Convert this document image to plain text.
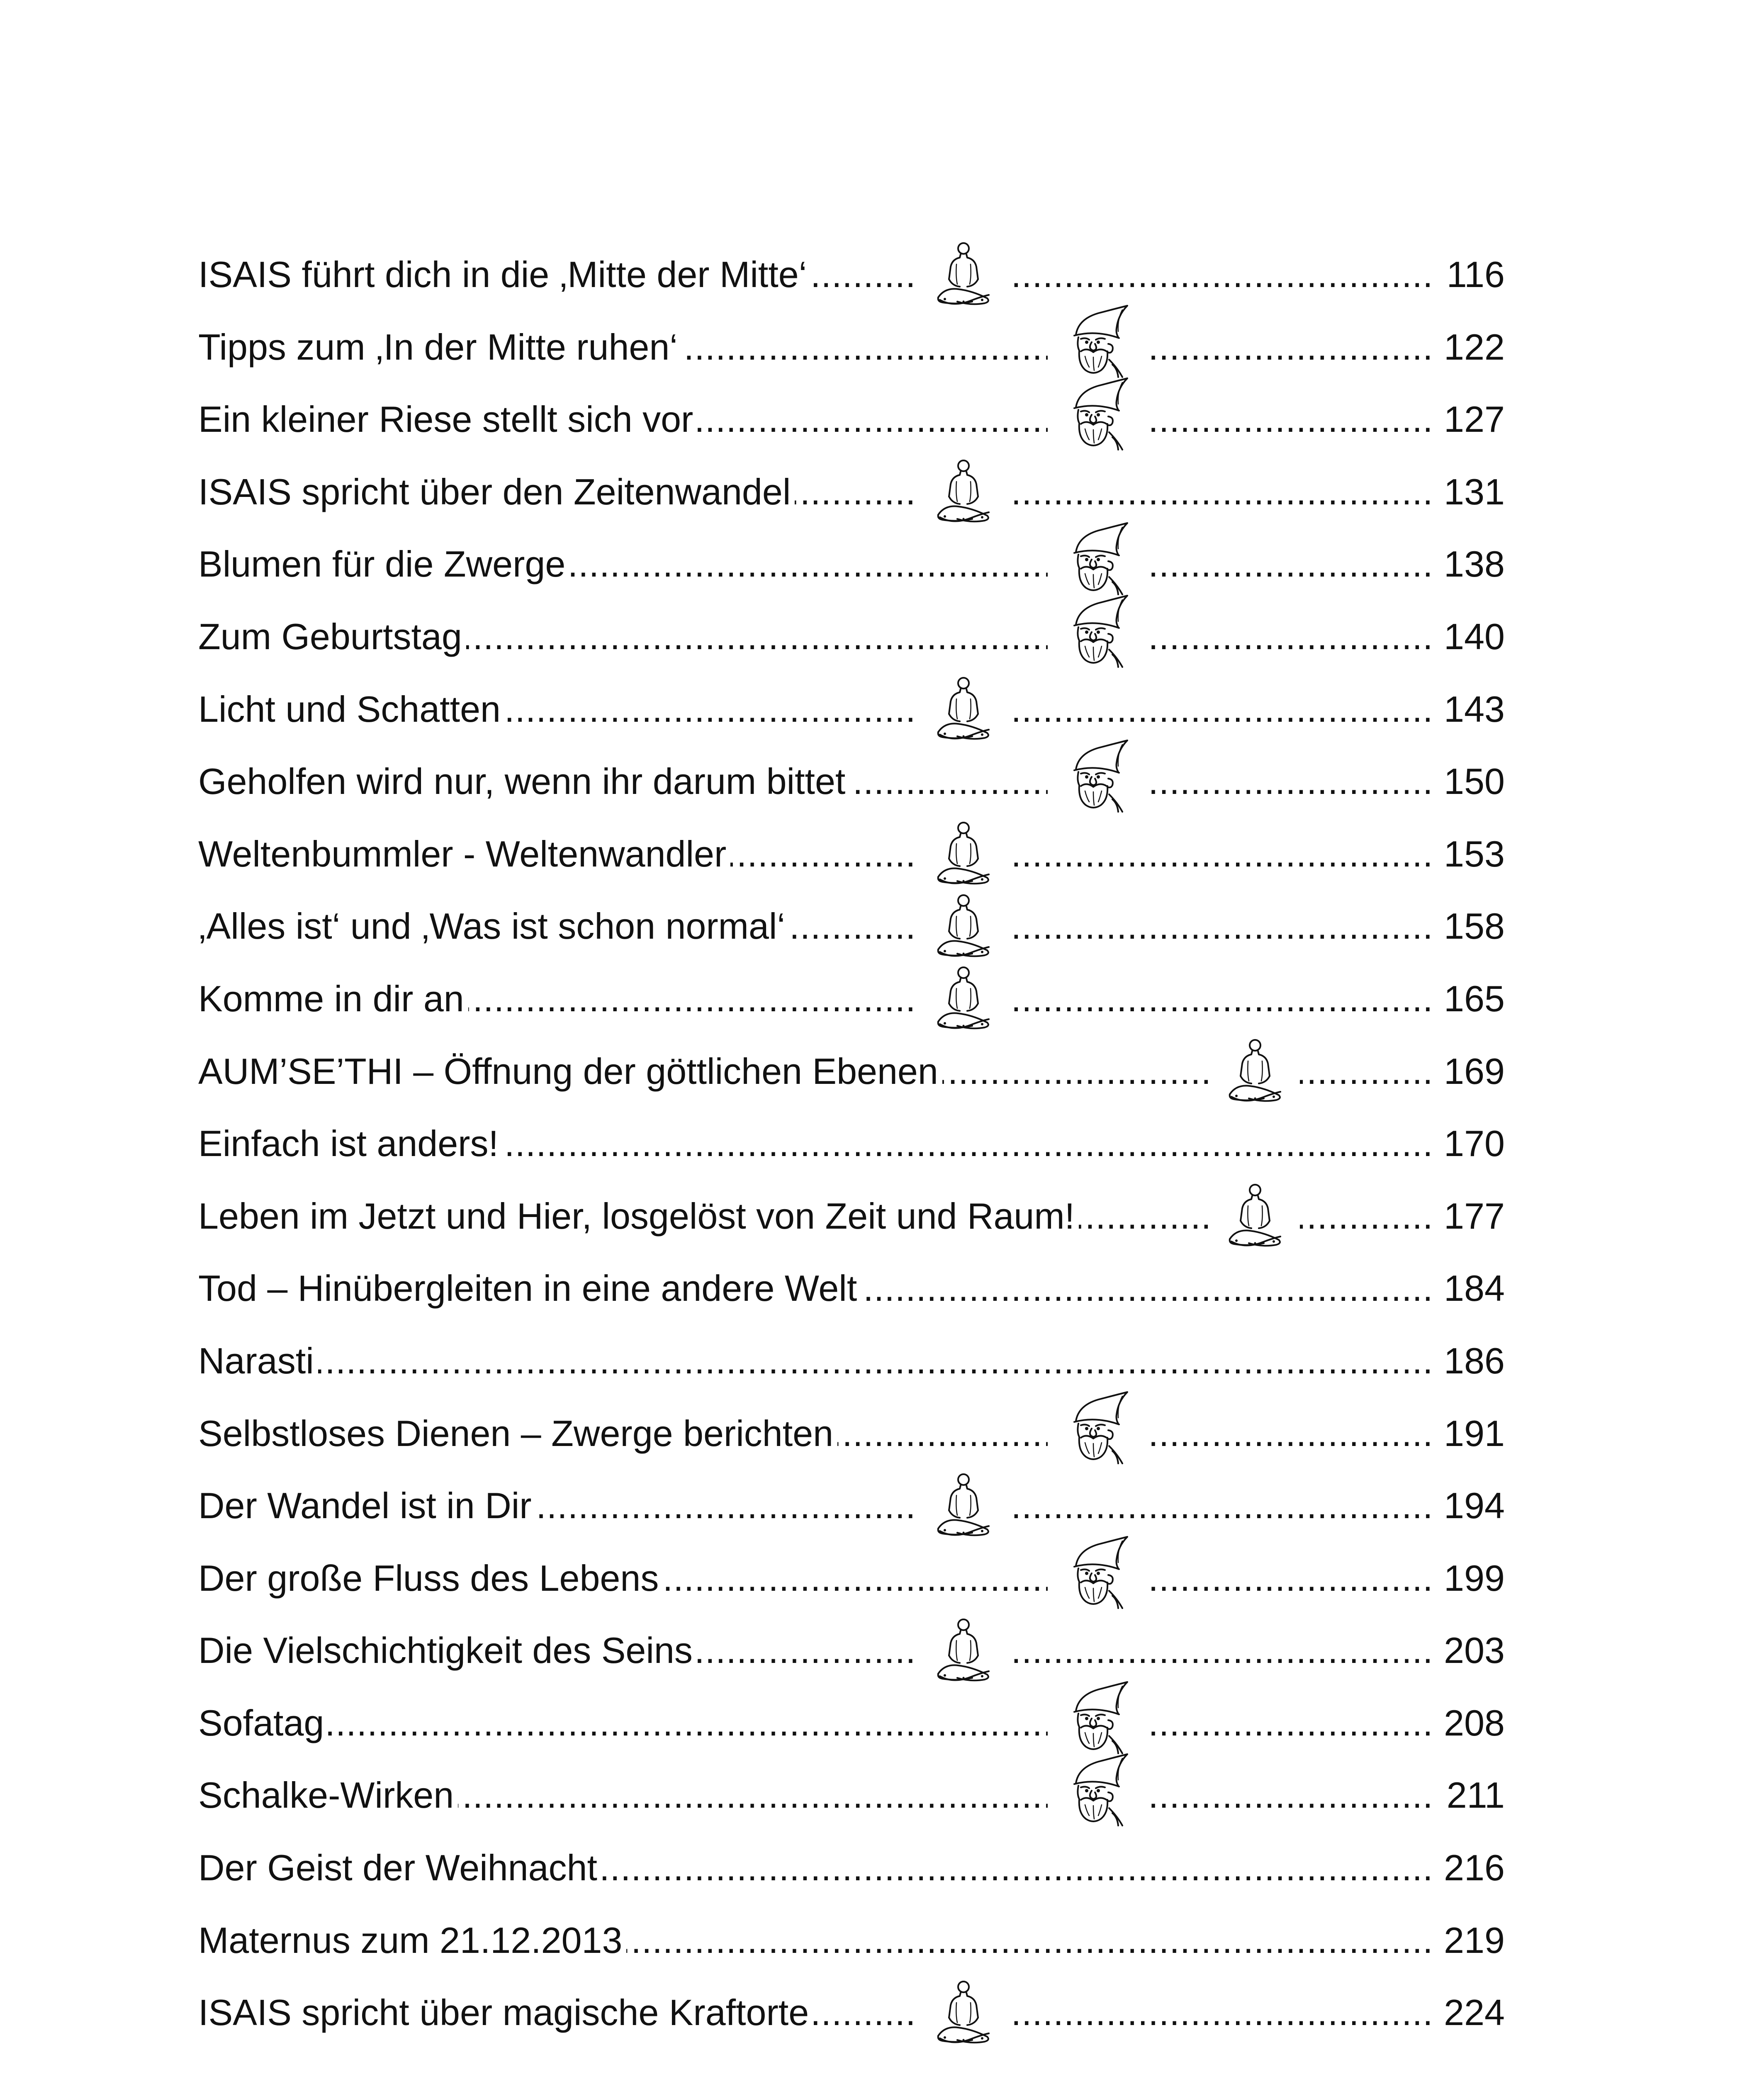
.....
ISAIS führt dich in die ‚Mitte der Mitte‘	116
.....
Tipps zum ‚In der Mitte ruhen‘	122
.....
Ein kleiner Riese stellt sich vor	127
.....
ISAIS spricht über den Zeitenwandel	131
.....
Blumen für die Zwerge	138
.....
Zum Geburtstag	140
.....
Licht und Schatten	143
.....
Geholfen wird nur, wenn ihr darum bittet	150
.....
Weltenbummler - Weltenwandler	153
.....
‚Alles ist‘ und ‚Was ist schon normal‘	158
.....
Komme in dir an	165
.....
AUM’SE’THI – Öffnung der göttlichen Ebenen	169
.....
Einfach ist anders!	170
.....
Leben im Jetzt und Hier, losgelöst von Zeit und Raum!	177
.....
Tod – Hinübergleiten in eine andere Welt	184
.....
Narasti	186
.....
Selbstloses Dienen – Zwerge berichten	191
.....
Der Wandel ist in Dir	194
.....
Der große Fluss des Lebens	199
.....
Die Vielschichtigkeit des Seins	203
.....
Sofatag	208
.....
Schalke-Wirken	211
.....
Der Geist der Weihnacht	216
.....
Maternus zum 21.12.2013	219
.....
ISAIS spricht über magische Kraftorte	224
